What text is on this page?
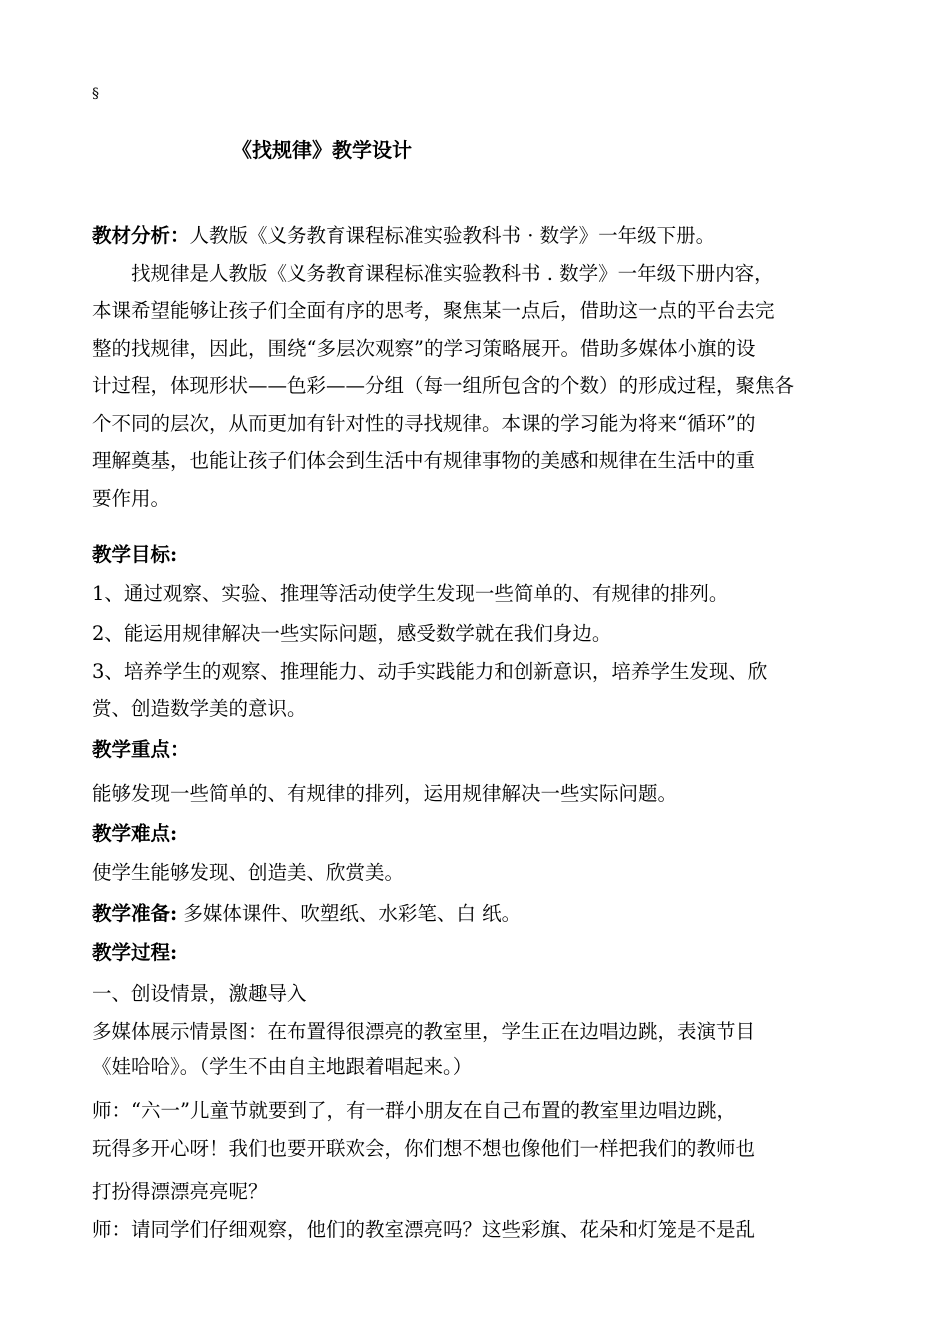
§
《找规律》教学设计
教材分析：人教版《义务教育课程标准实验教科书 · 数学》一年级下册。
　　找规律是人教版《义务教育课程标准实验教科书 . 数学》一年级下册内容，
本课希望能够让孩子们全面有序的思考，聚焦某一点后，借助这一点的平台去完
整的找规律，因此，围绕“多层次观察”的学习策略展开。借助多媒体小旗的设
计过程，体现形状——色彩——分组（每一组所包含的个数）的形成过程，聚焦各
个不同的层次，从而更加有针对性的寻找规律。本课的学习能为将来“循环”的
理解奠基，也能让孩子们体会到生活中有规律事物的美感和规律在生活中的重
要作用。
教学目标:
1、通过观察、实验、推理等活动使学生发现一些简单的、有规律的排列。
2、能运用规律解决一些实际问题，感受数学就在我们身边。
3、培养学生的观察、推理能力、动手实践能力和创新意识，培养学生发现、欣
赏、创造数学美的意识。
教学重点：
能够发现一些简单的、有规律的排列，运用规律解决一些实际问题。
教学难点:
使学生能够发现、创造美、欣赏美。
教学准备: 多媒体课件、吹塑纸、水彩笔、白 纸。
教学过程:
一、创设情景，激趣导入
多媒体展示情景图：在布置得很漂亮的教室里，学生正在边唱边跳，表演节目
《娃哈哈》。（学生不由自主地跟着唱起来。）
师：“六一”儿童节就要到了，有一群小朋友在自己布置的教室里边唱边跳，
玩得多开心呀！我们也要开联欢会，你们想不想也像他们一样把我们的教师也
打扮得漂漂亮亮呢？
师：请同学们仔细观察，他们的教室漂亮吗？这些彩旗、花朵和灯笼是不是乱
